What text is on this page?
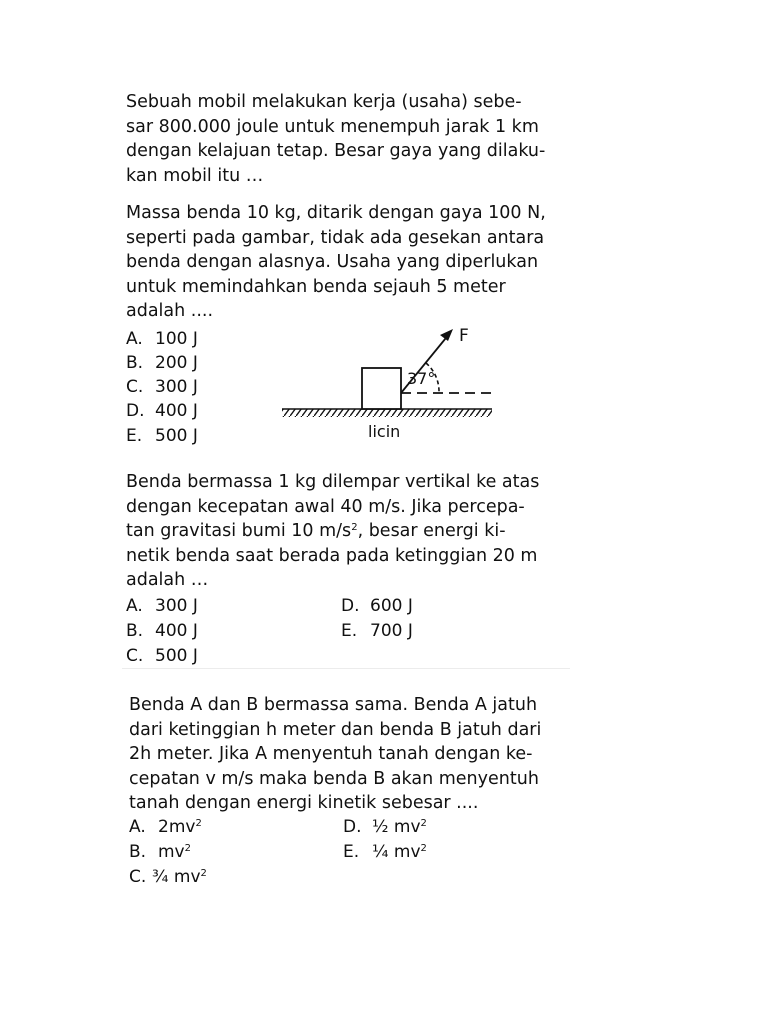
Sebuah mobil melakukan kerja (usaha) sebe-

sar 800.000 joule untuk menempuh jarak 1 km

dengan kelajuan tetap. Besar gaya yang dilaku-

kan mobil itu …

Massa benda 10 kg, ditarik dengan gaya 100 N,

seperti pada gambar, tidak ada gesekan antara

benda dengan alasnya. Usaha yang diperlukan

untuk memindahkan benda sejauh 5 meter

adalah ....

A. 100 J
B. 200 J
C. 300 J
D. 400 J
E. 500 J
F
37°
licin

Benda bermassa 1 kg dilempar vertikal ke atas

dengan kecepatan awal 40 m/s. Jika percepa-

tan gravitasi bumi 10 $m/s^2$, besar energi ki-

netik benda saat berada pada ketinggian 20 m

adalah …

A. 300 J
B. 400 J
C. 500 J
D. 600 J
E. 700 J

Benda A dan B bermassa sama. Benda A jatuh

dari ketinggian h meter dan benda B jatuh dari

2h meter. Jika A menyentuh tanah dengan ke-

cepatan v m/s maka benda B akan menyentuh

tanah dengan energi kinetik sebesar ....

A. $2mv^2$
B. $mv^2$
C. ¾ $mv^2$
D. ½ $mv^2$
E. ¼ $mv^2$
